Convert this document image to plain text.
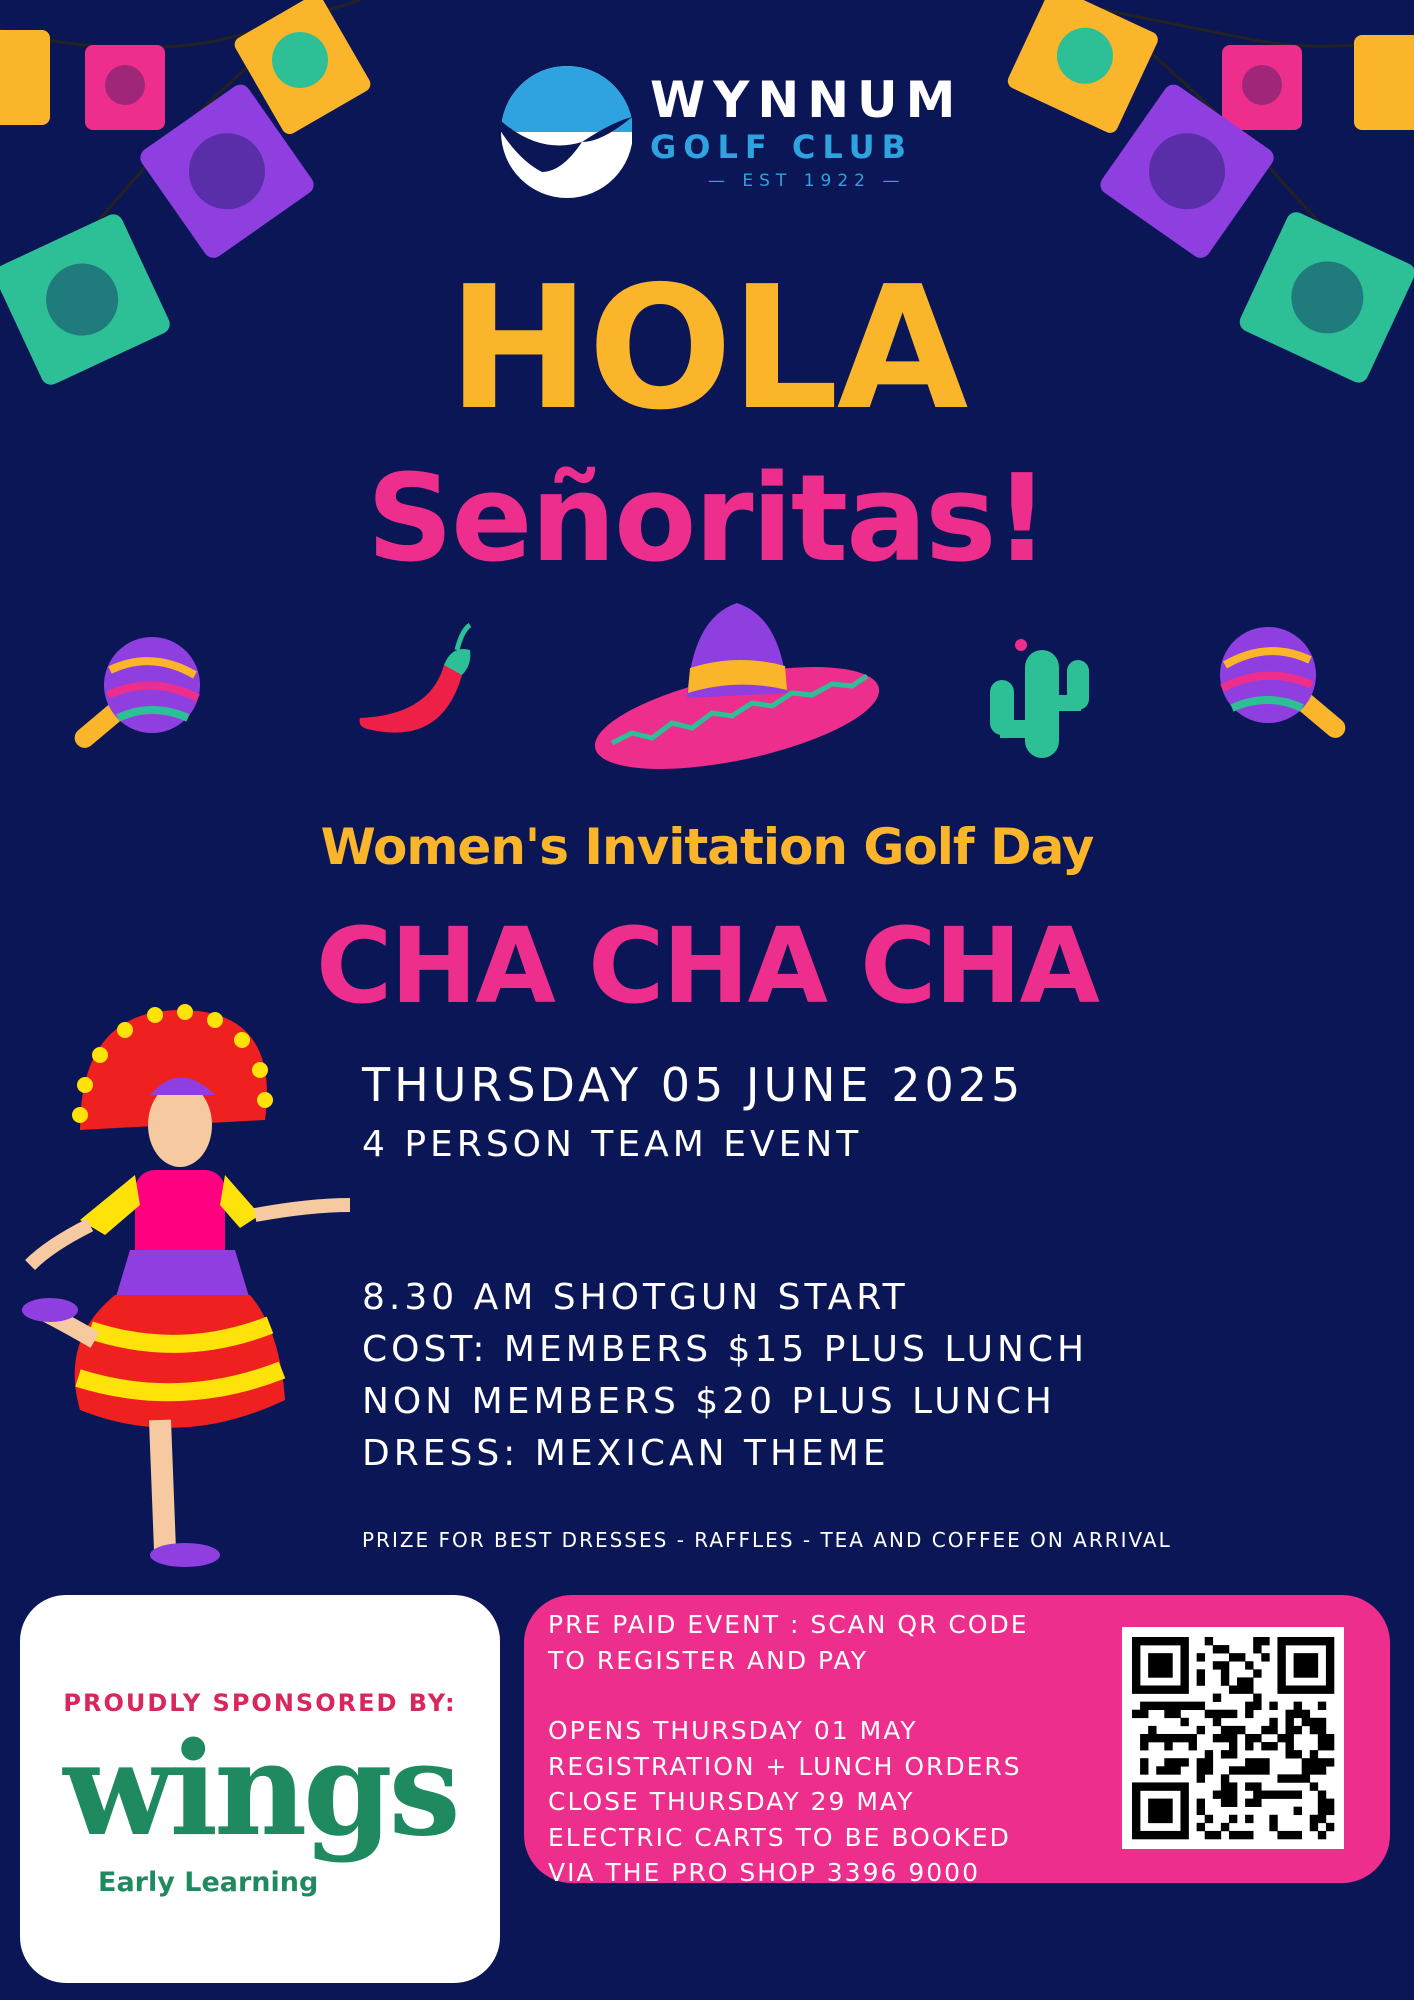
WYNNUM
GOLF CLUB
— EST 1922 —
HOLA
Señoritas!
Women's Invitation Golf Day
CHA CHA CHA
THURSDAY 05 JUNE 2025
4 PERSON TEAM EVENT
8.30 AM SHOTGUN START
COST: MEMBERS $15 PLUS LUNCH
NON MEMBERS $20 PLUS LUNCH
DRESS: MEXICAN THEME
PRIZE FOR BEST DRESSES - RAFFLES - TEA AND COFFEE ON ARRIVAL
PROUDLY SPONSORED BY:
wings
Early Learning
PRE PAID EVENT : SCAN QR CODE
TO REGISTER AND PAY
OPENS THURSDAY 01 MAY
REGISTRATION + LUNCH ORDERS
CLOSE THURSDAY 29 MAY
ELECTRIC CARTS TO BE BOOKED
VIA THE PRO SHOP 3396 9000
